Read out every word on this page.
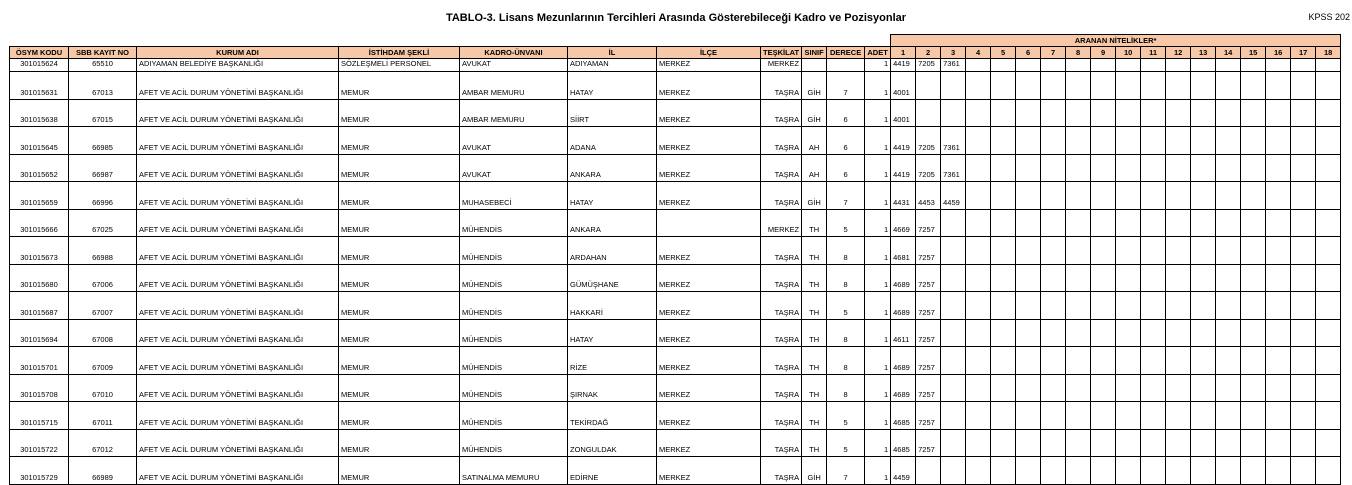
TABLO-3. Lisans Mezunlarının Tercihleri Arasında Gösterebileceği Kadro ve Pozisyonlar	KPSS 202
											ARANAN NİTELİKLER*																	
ÖSYM KODU	SBB KAYIT NO	KURUM ADI	İSTİHDAM ŞEKLİ	KADRO-ÜNVANI	İL	İLÇE	TEŞKİLAT	SINIF	DERECE	ADET	1	2	3	4	5	6	7	8	9	10	11	12	13	14	15	16	17	18
301015624	65510	ADIYAMAN BELEDİYE BAŞKANLIĞI	SÖZLEŞMELİ PERSONEL	AVUKAT	ADIYAMAN	MERKEZ	MERKEZ			1	4419	7205	7361															
301015631	67013	AFET VE ACİL DURUM YÖNETİMİ BAŞKANLIĞI	MEMUR	AMBAR MEMURU	HATAY	MERKEZ	TAŞRA	GİH	7	1	4001																	
301015638	67015	AFET VE ACİL DURUM YÖNETİMİ BAŞKANLIĞI	MEMUR	AMBAR MEMURU	SİİRT	MERKEZ	TAŞRA	GİH	6	1	4001																	
301015645	66985	AFET VE ACİL DURUM YÖNETİMİ BAŞKANLIĞI	MEMUR	AVUKAT	ADANA	MERKEZ	TAŞRA	AH	6	1	4419	7205	7361															
301015652	66987	AFET VE ACİL DURUM YÖNETİMİ BAŞKANLIĞI	MEMUR	AVUKAT	ANKARA	MERKEZ	TAŞRA	AH	6	1	4419	7205	7361															
301015659	66996	AFET VE ACİL DURUM YÖNETİMİ BAŞKANLIĞI	MEMUR	MUHASEBECİ	HATAY	MERKEZ	TAŞRA	GİH	7	1	4431	4453	4459															
301015666	67025	AFET VE ACİL DURUM YÖNETİMİ BAŞKANLIĞI	MEMUR	MÜHENDİS	ANKARA		MERKEZ	TH	5	1	4669	7257																
301015673	66988	AFET VE ACİL DURUM YÖNETİMİ BAŞKANLIĞI	MEMUR	MÜHENDİS	ARDAHAN	MERKEZ	TAŞRA	TH	8	1	4681	7257																
301015680	67006	AFET VE ACİL DURUM YÖNETİMİ BAŞKANLIĞI	MEMUR	MÜHENDİS	GÜMÜŞHANE	MERKEZ	TAŞRA	TH	8	1	4689	7257																
301015687	67007	AFET VE ACİL DURUM YÖNETİMİ BAŞKANLIĞI	MEMUR	MÜHENDİS	HAKKARİ	MERKEZ	TAŞRA	TH	5	1	4689	7257																
301015694	67008	AFET VE ACİL DURUM YÖNETİMİ BAŞKANLIĞI	MEMUR	MÜHENDİS	HATAY	MERKEZ	TAŞRA	TH	8	1	4611	7257																
301015701	67009	AFET VE ACİL DURUM YÖNETİMİ BAŞKANLIĞI	MEMUR	MÜHENDİS	RİZE	MERKEZ	TAŞRA	TH	8	1	4689	7257																
301015708	67010	AFET VE ACİL DURUM YÖNETİMİ BAŞKANLIĞI	MEMUR	MÜHENDİS	ŞIRNAK	MERKEZ	TAŞRA	TH	8	1	4689	7257																
301015715	67011	AFET VE ACİL DURUM YÖNETİMİ BAŞKANLIĞI	MEMUR	MÜHENDİS	TEKİRDAĞ	MERKEZ	TAŞRA	TH	5	1	4685	7257																
301015722	67012	AFET VE ACİL DURUM YÖNETİMİ BAŞKANLIĞI	MEMUR	MÜHENDİS	ZONGULDAK	MERKEZ	TAŞRA	TH	5	1	4685	7257																
301015729	66989	AFET VE ACİL DURUM YÖNETİMİ BAŞKANLIĞI	MEMUR	SATINALMA MEMURU	EDİRNE	MERKEZ	TAŞRA	GİH	7	1	4459																	
